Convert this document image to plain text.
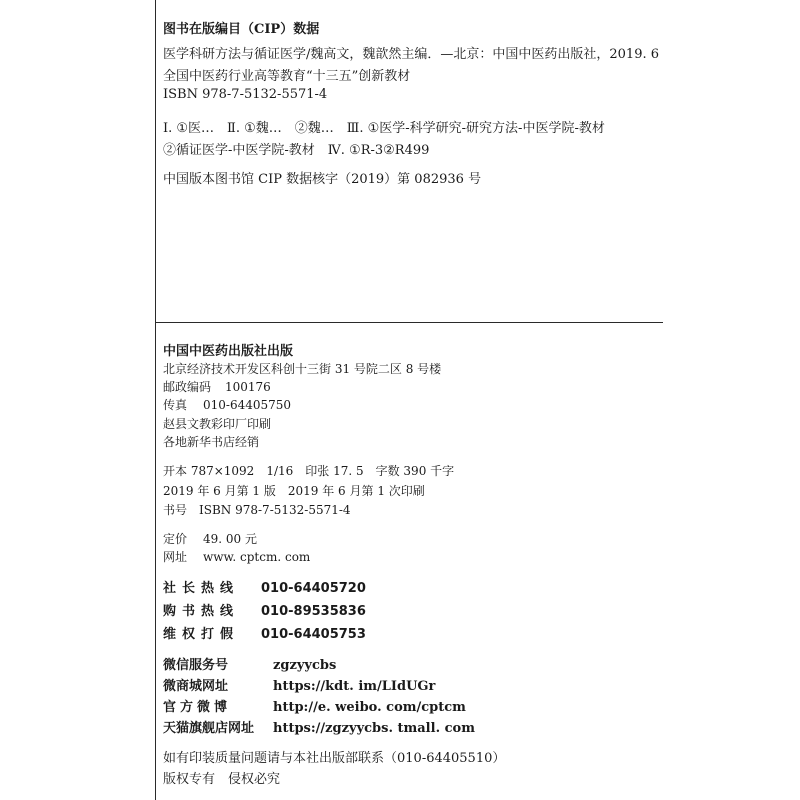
图书在版编目（CIP）数据
医学科研方法与循证医学/魏高文，魏歆然主编．—北京：中国中医药出版社，2019. 6
全国中医药行业高等教育“十三五”创新教材
ISBN 978-7-5132-5571-4
Ⅰ. ①医…　Ⅱ. ①魏…　②魏…　Ⅲ. ①医学-科学研究-研究方法-中医学院-教材
②循证医学-中医学院-教材　Ⅳ. ①R-3②R499
中国版本图书馆 CIP 数据核字（2019）第 082936 号
中国中医药出版社出版
北京经济技术开发区科创十三街 31 号院二区 8 号楼
邮政编码 100176
传真 010-64405750
赵县文教彩印厂印刷
各地新华书店经销
开本 787×1092　1/16　印张 17. 5　字数 390 千字
2019 年 6 月第 1 版　2019 年 6 月第 1 次印刷
书号　ISBN 978-7-5132-5571-4
定价 49. 00 元
网址 www. cptcm. com
社长热线 010-64405720
购书热线 010-89535836
维权打假 010-64405753
微信服务号	zgzyycbs
微商城网址	https://kdt. im/LIdUGr
官方微博	http://e. weibo. com/cptcm
天猫旗舰店网址 https://zgzyycbs. tmall. com
如有印装质量问题请与本社出版部联系（010-64405510）
版权专有　侵权必究
